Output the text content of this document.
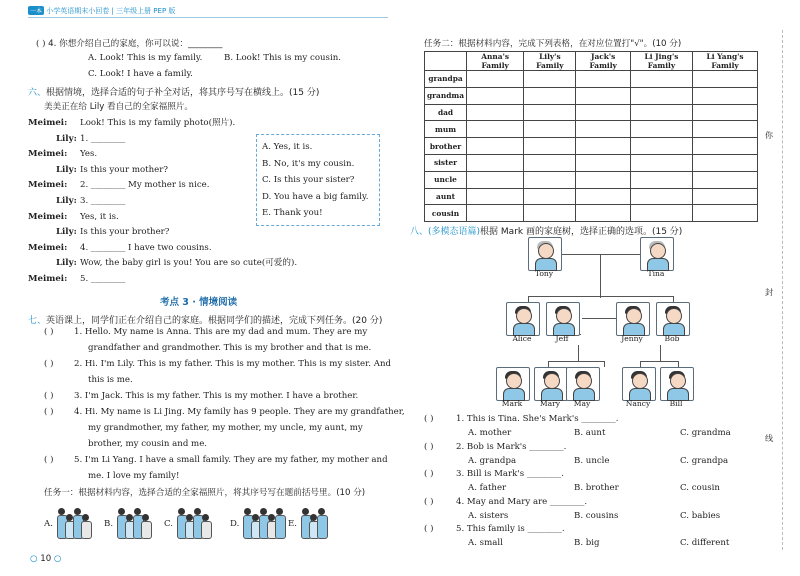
一本 小学英语期末小回卷 | 三年级上册 PEP 版
( ) 4. 你想介绍自己的家庭，你可以说：________
A. Look! This is my family.	B. Look! This is my cousin.
C. Look! I have a family.
六、根据情境，选择合适的句子补全对话，将其序号写在横线上。(15 分)
美美正在给 Lily 看自己的全家福照片。
Meimei: Look! This is my family photo(照片).
Lily: 1. ________
Meimei: Yes.
Lily: Is this your mother?
Meimei: 2. ________ My mother is nice.
Lily: 3. ________
Meimei: Yes, it is.
Lily: Is this your brother?
Meimei: 4. ________ I have two cousins.
Lily: Wow, the baby girl is you! You are so cute(可爱的).
Meimei: 5. ________
A. Yes, it is.
B. No, it's my cousin.
C. Is this your sister?
D. You have a big family.
E. Thank you!
考点 3 · 情境阅读
七、英语课上，同学们正在介绍自己的家庭。根据同学们的描述，完成下列任务。(20 分)
( ) 1. Hello. My name is Anna. This are my dad and mum. They are my
grandfather and grandmother. This is my brother and that is me.
( ) 2. Hi. I'm Lily. This is my father. This is my mother. This is my sister. And
this is me.
( ) 3. I'm Jack. This is my father. This is my mother. I have a brother.
( ) 4. Hi. My name is Li Jing. My family has 9 people. They are my grandfather,
my grandmother, my father, my mother, my uncle, my aunt, my
brother, my cousin and me.
( ) 5. I'm Li Yang. I have a small family. They are my father, my mother and
me. I love my family!
任务一：根据材料内容，选择合适的全家福照片，将其序号写在题前括号里。(10 分)
A.	B.	C.	D.	E.
○ 10 ○
任务二：根据材料内容，完成下列表格，在对应位置打"√"。(10 分)
	Anna's Family	Lily's Family	Jack's Family	Li Jing's Family	Li Yang's Family
grandpa					
grandma					
dad					
mum					
brother					
sister					
uncle					
aunt					
cousin					
八、(多模态语篇)根据 Mark 画的家庭树，选择正确的选项。(15 分)
Tony	Tina
Alice	Jeff	Jenny	Bob
Mark	Mary	May	Nancy	Bill
( )	1. This is Tina. She's Mark's ________.
A. mother	B. aunt	C. grandma
( )	2. Bob is Mark's ________.
A. grandpa	B. uncle	C. grandpa
( )	3. Bill is Mark's ________.
A. father	B. brother	C. cousin
( )	4. May and Mary are ________.
A. sisters	B. cousins	C. babies
( )	5. This family is ________.
A. small	B. big	C. different
你
封
线
